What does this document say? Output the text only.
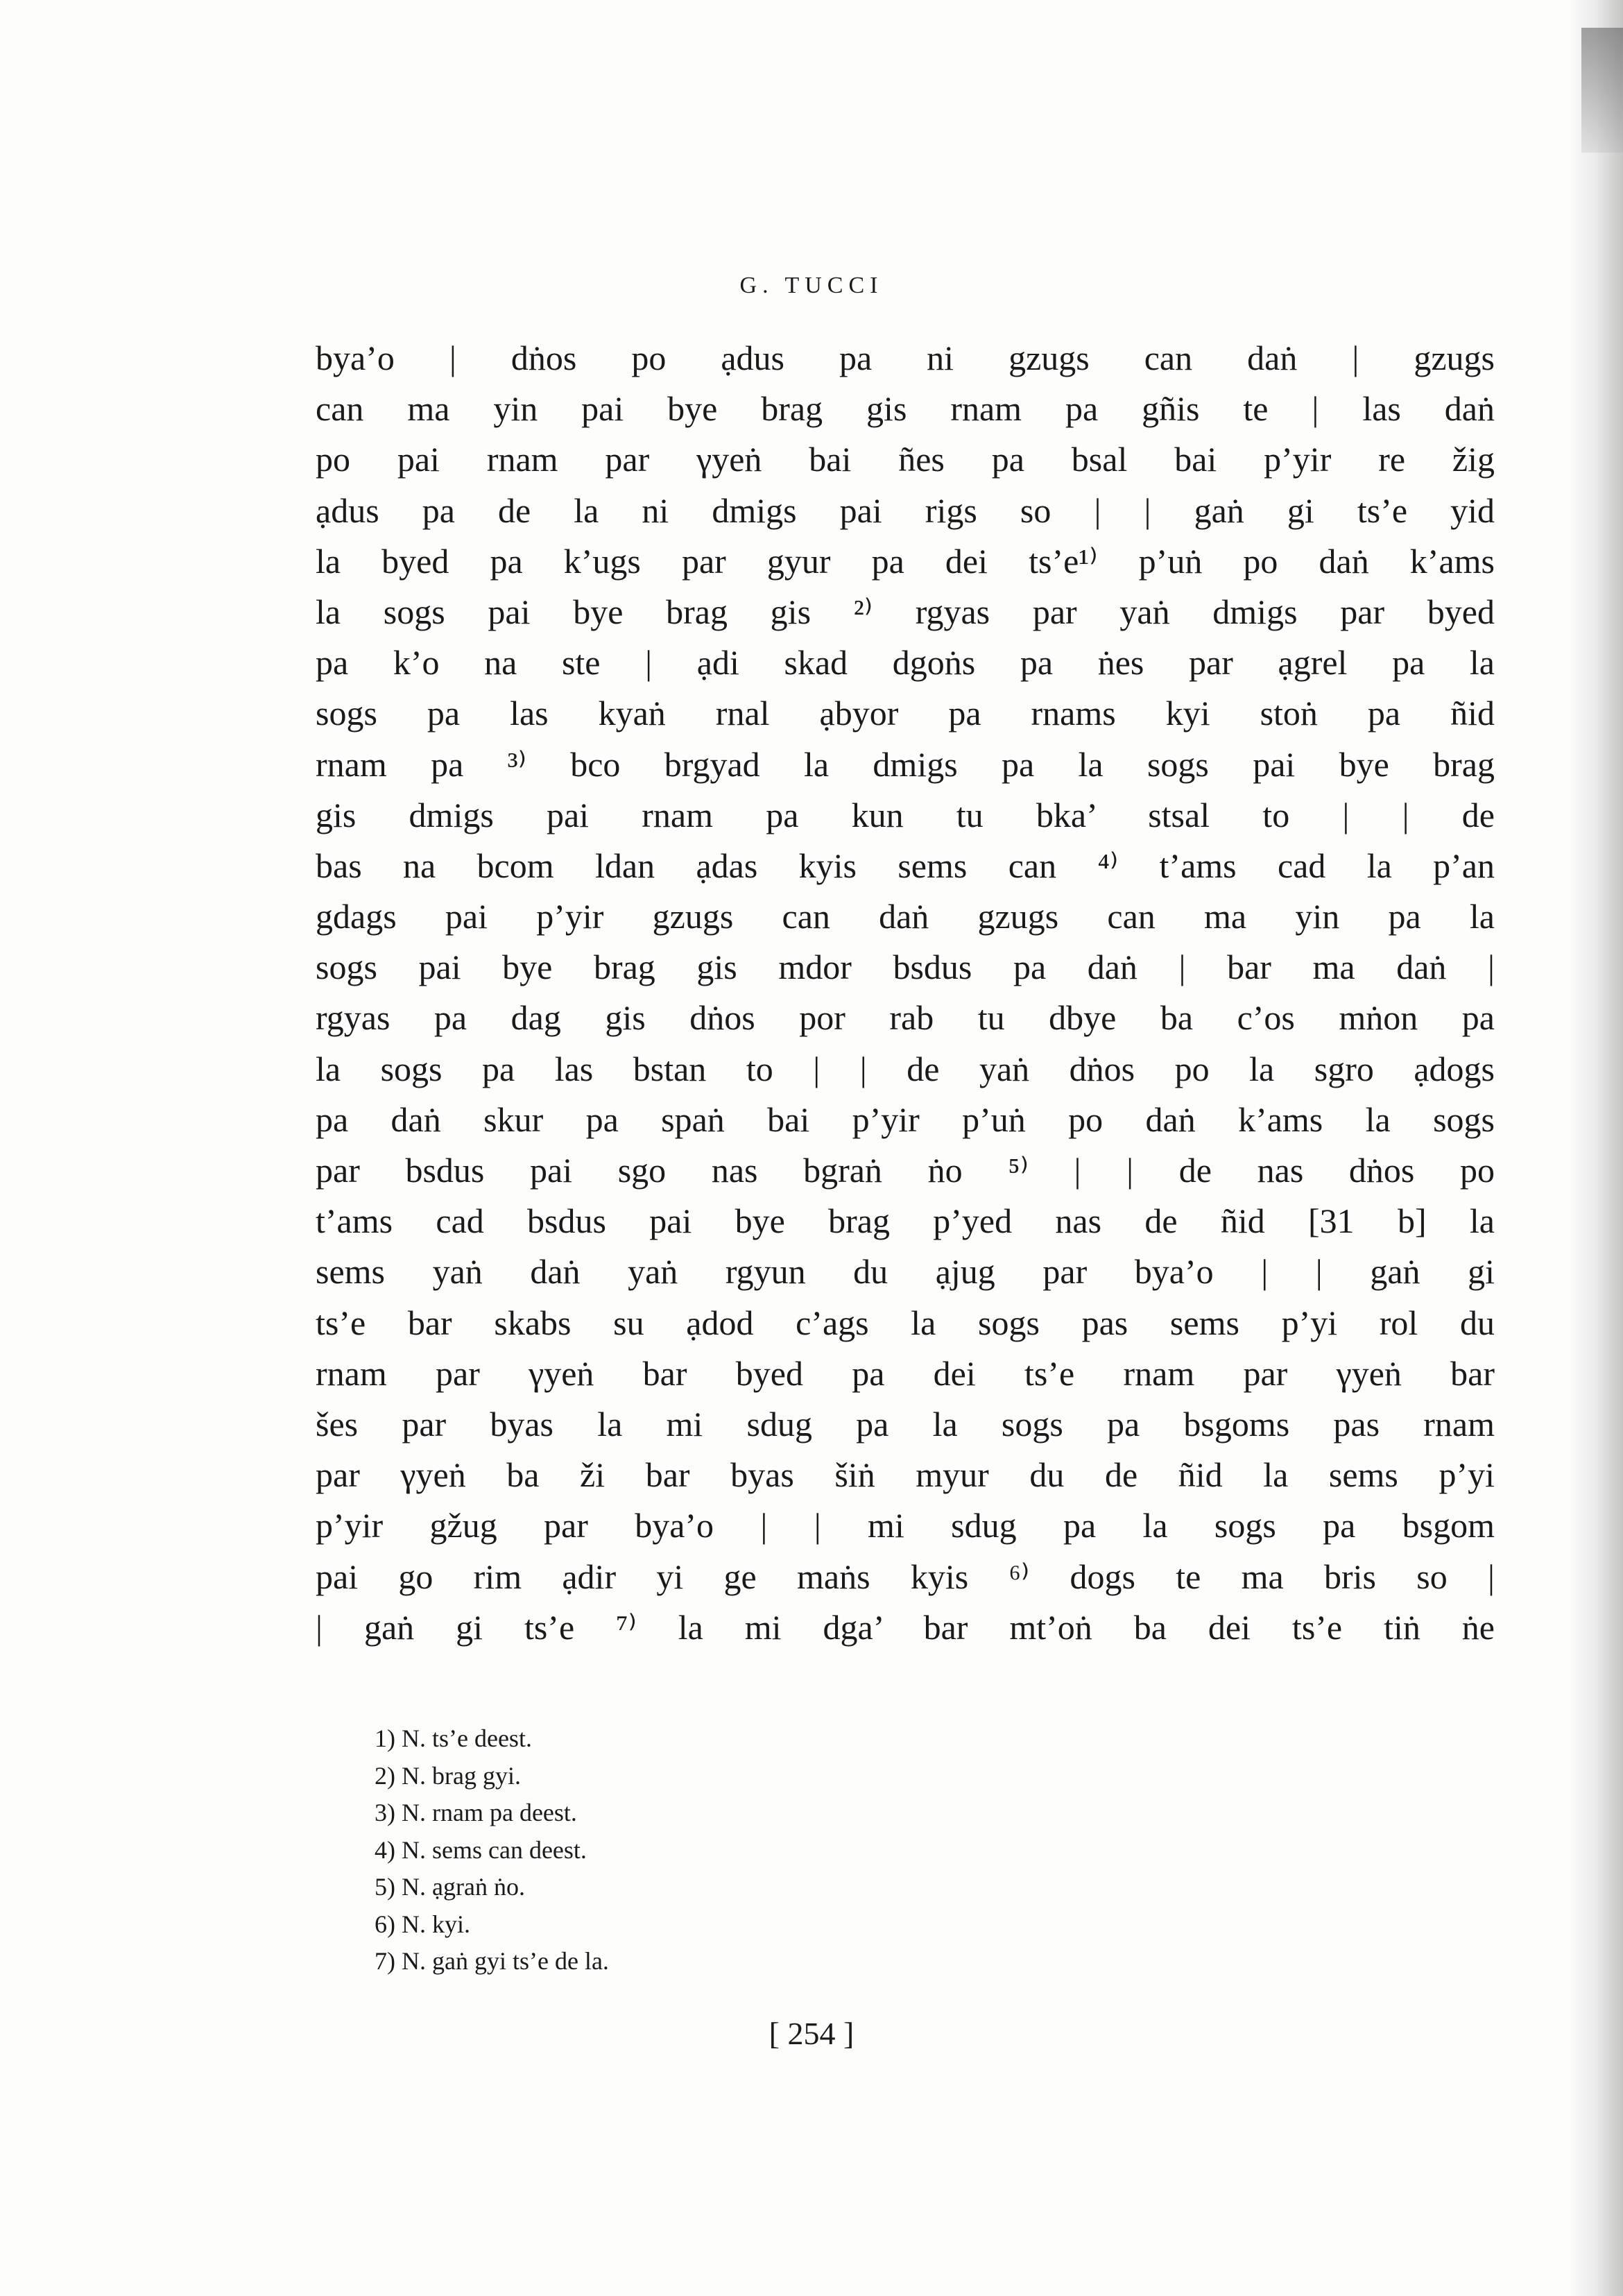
G. TUCCI
bya’o | dṅos po ạdus pa ni gzugs can daṅ | gzugs
can ma yin pai bye brag gis rnam pa gñis te | las daṅ
po pai rnam par γyeṅ bai ñes pa bsal bai p’yir re žig
ạdus pa de la ni dmigs pai rigs so | | gaṅ gi ts’e yid
la byed pa k’ugs par gyur pa dei ts’e¹⁾ p’uṅ po daṅ k’ams
la sogs pai bye brag gis ²⁾ rgyas par yaṅ dmigs par byed
pa k’o na ste | ạdi skad dgoṅs pa ṅes par ạgrel pa la
sogs pa las kyaṅ rnal ạbyor pa rnams kyi stoṅ pa ñid
rnam pa ³⁾ bco brgyad la dmigs pa la sogs pai bye brag
gis dmigs pai rnam pa kun tu bka’ stsal to | | de
bas na bcom ldan ạdas kyis sems can ⁴⁾ t’ams cad la p’an
gdags pai p’yir gzugs can daṅ gzugs can ma yin pa la
sogs pai bye brag gis mdor bsdus pa daṅ | bar ma daṅ |
rgyas pa dag gis dṅos por rab tu dbye ba c’os mṅon pa
la sogs pa las bstan to | | de yaṅ dṅos po la sgro ạdogs
pa daṅ skur pa spaṅ bai p’yir p’uṅ po daṅ k’ams la sogs
par bsdus pai sgo nas bgraṅ ṅo ⁵⁾ | | de nas dṅos po
t’ams cad bsdus pai bye brag p’yed nas de ñid [31 b] la
sems yaṅ daṅ yaṅ rgyun du ạjug par bya’o | | gaṅ gi
ts’e bar skabs su ạdod c’ags la sogs pas sems p’yi rol du
rnam par γyeṅ bar byed pa dei ts’e rnam par γyeṅ bar
šes par byas la mi sdug pa la sogs pa bsgoms pas rnam
par γyeṅ ba ži bar byas šiṅ myur du de ñid la sems p’yi
p’yir gžug par bya’o | | mi sdug pa la sogs pa bsgom
pai go rim ạdir yi ge maṅs kyis ⁶⁾ dogs te ma bris so |
| gaṅ gi ts’e ⁷⁾ la mi dga’ bar mt’oṅ ba dei ts’e tiṅ ṅe
1) N. ts’e deest.
2) N. brag gyi.
3) N. rnam pa deest.
4) N. sems can deest.
5) N. ạgraṅ ṅo.
6) N. kyi.
7) N. gaṅ gyi ts’e de la.
[ 254 ]
